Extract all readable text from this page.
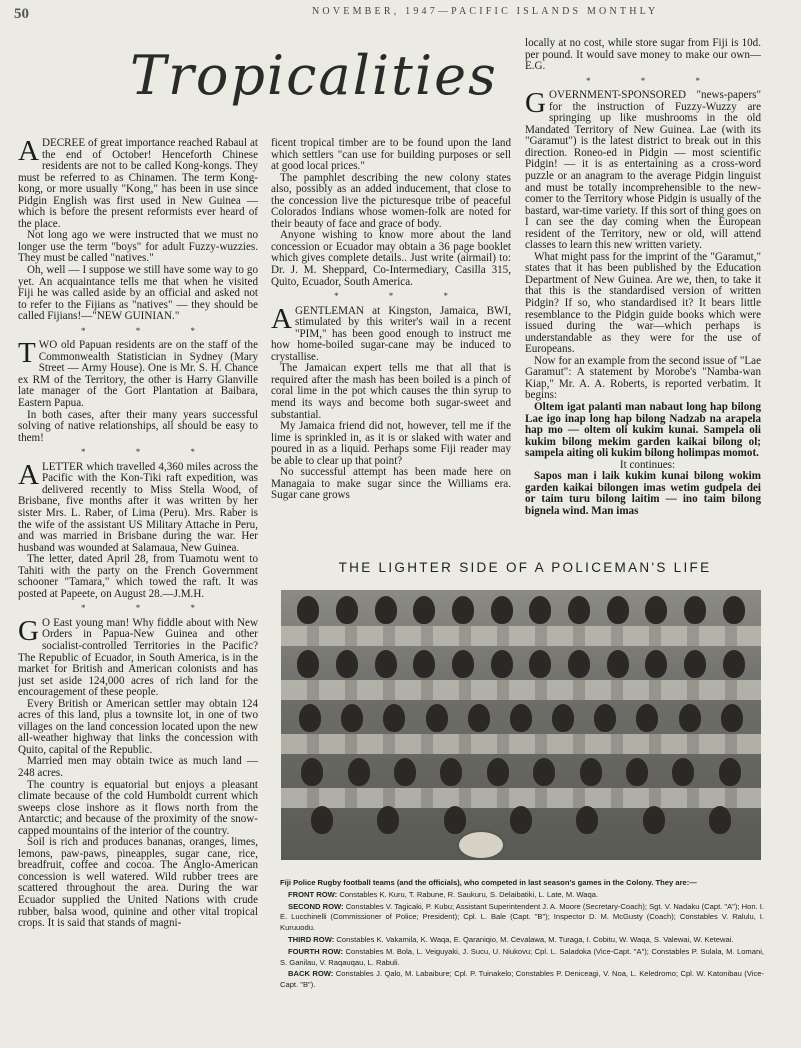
50	NOVEMBER, 1947—PACIFIC ISLANDS MONTHLY
Tropicalities

ADECREE of great importance reached Rabaul at the end of October! Henceforth Chinese residents are not to be called Kong-kongs. They must be referred to as Chinamen. The term Kong-kong, or more usually "Kong," has been in use since Pidgin English was first used in New Guinea — which is before the present reformists ever heard of the place.

Not long ago we were instructed that we must no longer use the term "boys" for adult Fuzzy-wuzzies. They must be called "natives."

Oh, well — I suppose we still have some way to go yet. An acquaintance tells me that when he visited Fiji he was called aside by an official and asked not to refer to the Fijians as "natives" — they should be called Fijians!—"NEW GUINIAN."

* * *

TWO old Papuan residents are on the staff of the Commonwealth Statistician in Sydney (Mary Street — Army House). One is Mr. S. H. Chance ex RM of the Territory, the other is Harry Glanville late manager of the Gort Plantation at Baibara, Eastern Papua.

In both cases, after their many years successful solving of native relationships, all should be easy to them!

* * *

ALETTER which travelled 4,360 miles across the Pacific with the Kon-Tiki raft expedition, was delivered recently to Miss Stella Wood, of Brisbane, five months after it was written by her sister Mrs. L. Raber, of Lima (Peru). Mrs. Raber is the wife of the assistant US Military Attache in Peru, and was married in Brisbane during the war. Her husband was wounded at Salamaua, New Guinea.

The letter, dated April 28, from Tuamotu went to Tahiti with the party on the French Government schooner "Tamara," which towed the raft. It was posted at Papeete, on August 28.—J.M.H.

* * *

G O East young man! Why fiddle about with New Orders in Papua-New Guinea and other socialist-controlled Territories in the Pacific? The Republic of Ecuador, in South America, is in the market for British and American colonists and has just set aside 124,000 acres of rich land for the encouragement of these people.

Every British or American settler may obtain 124 acres of this land, plus a townsite lot, in one of two villages on the land concession located upon the new all-weather highway that links the concession with Quito, capital of the Republic.

Married men may obtain twice as much land — 248 acres.

The country is equatorial but enjoys a pleasant climate because of the cold Humboldt current which sweeps close inshore as it flows north from the Antarctic; and because of the proximity of the snow-capped mountains of the interior of the country.

Soil is rich and produces bananas, oranges, limes, lemons, paw-paws, pineapples, sugar cane, rice, breadfruit, coffee and cocoa. The Anglo-American concession is well watered. Wild rubber trees are scattered throughout the area. During the war Ecuador supplied the United Nations with crude rubber, balsa wood, quinine and other vital tropical crops. It is said that stands of magni-

ficent tropical timber are to be found upon the land which settlers "can use for building purposes or sell at good local prices."

The pamphlet describing the new colony states also, possibly as an added inducement, that close to the concession live the picturesque tribe of peaceful Colorados Indians whose women-folk are noted for their beauty of face and grace of body.

Anyone wishing to know more about the land concession or Ecuador may obtain a 36 page booklet which gives complete details.. Just write (airmail) to: Dr. J. M. Sheppard, Co-Intermediary, Casilla 315, Quito, Ecuador, South America.

* * *

AGENTLEMAN at Kingston, Jamaica, BWI, stimulated by this writer's wail in a recent "PIM," has been good enough to instruct me how home-boiled sugar-cane may be induced to crystallise.

The Jamaican expert tells me that all that is required after the mash has been boiled is a pinch of coral lime in the pot which causes the thin syrup to mend its ways and become both sugar-sweet and substantial.

My Jamaica friend did not, however, tell me if the lime is sprinkled in, as it is or slaked with water and poured in as a liquid. Perhaps some Fiji reader may be able to clear up that point?

No successful attempt has been made here on Managaia to make sugar since the Williams era. Sugar cane grows

locally at no cost, while store sugar from Fiji is 10d. per pound. It would save money to make our own—E.G.

* * *

GOVERNMENT-SPONSORED "news-papers" for the instruction of Fuzzy-Wuzzy are springing up like mushrooms in the old Mandated Territory of New Guinea. Lae (with its "Garamut") is the latest district to break out in this direction. Roneo-ed in Pidgin — most scientific Pidgin! — it is as entertaining as a cross-word puzzle or an anagram to the average Pidgin linguist and must be totally incomprehensible to the new-comer to the Territory whose Pidgin is usually of the bastard, war-time variety. If this sort of thing goes on I can see the day coming when the European resident of the Territory, new or old, will attend classes to learn this new written variety.

What might pass for the imprint of the "Garamut," states that it has been published by the Education Department of New Guinea. Are we, then, to take it that this is the standardised version of written Pidgin? If so, who standardised it? It bears little resemblance to the Pidgin guide books which were issued during the war—which perhaps is understandable as they were for the use of Europeans.

Now for an example from the second issue of "Lae Garamut": A statement by Morobe's "Namba-wan Kiap," Mr. A. A. Roberts, is reported verbatim. It begins:

Oltem igat palanti man nabaut long hap bilong Lae igo inap long hap bilong Nadzab na arapela hap mo — oltem oli kukim kunai. Sampela oli kukim bilong mekim garden kaikai bilong ol; sampela aiting oli kukim bilong holimpas momot.

It continues:

Sapos man i laik kukim kunai bilong wokim garden kaikai bilongen imas wetim gudpela dei or taim turu bilong laitim — ino taim bilong bignela wind. Man imas

THE LIGHTER SIDE OF A POLICEMAN'S LIFE

Fiji Police Rugby football teams (and the officials), who competed in last season's games in the Colony. They are:—

FRONT ROW: Constables K. Kuru, T. Rabune, R. Saukuru, S. Delaibatiki, L. Late, M. Waqa.

SECOND ROW: Constables V. Tagicaki, P. Kubu; Assistant Superintendent J. A. Moore (Secretary-Coach); Sgt. V. Nadaku (Capt. "A"); Hon. I. E. Lucchinelli (Commissioner of Police; President); Cpl. L. Bale (Capt. "B"); Inspector D. M. McGusty (Coach); Constables V. Ralulu, I. Kuruuodu.

THIRD ROW: Constables K. Vakamila, K. Waqa, E. Qaraniqio, M. Cevalawa, M. Turaga, I. Cobitu, W. Waqa, S. Valewai, W. Ketewai.

FOURTH ROW: Constables M. Bola, L. Veiguyaki, J. Sucu, U. Niukovu; Cpl. L. Saladoka (Vice-Capt. "A"); Constables P. Sulala, M. Lomani, S. Ganilau, V. Raqauqau, L. Rabuli.

BACK ROW: Constables J. Qalo, M. Labaibure; Cpl. P. Tuinakelo; Constables P. Deniceagi, V. Noa, L. Keledromo; Cpl. W. Katonibau (Vice-Capt. "B").
